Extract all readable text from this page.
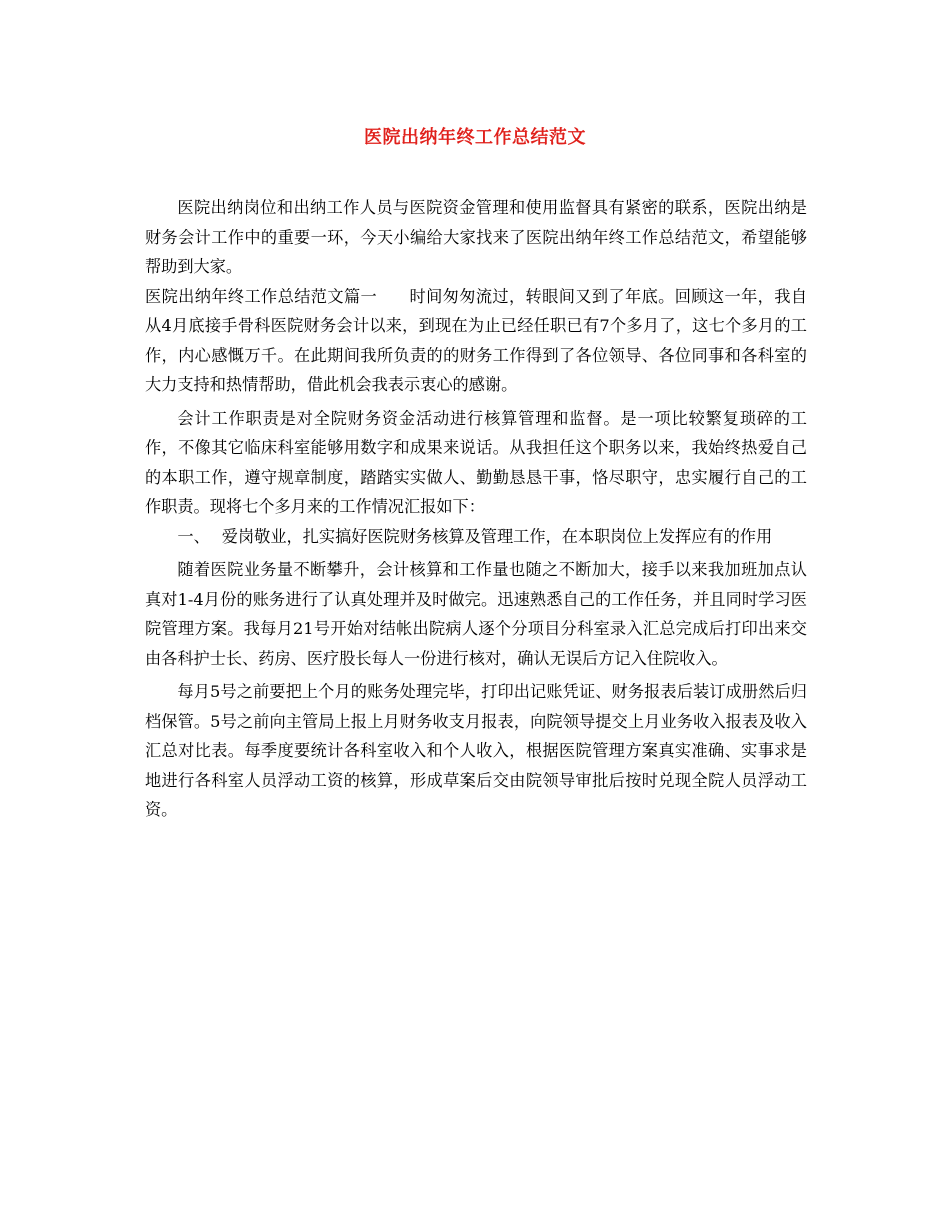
医院出纳年终工作总结范文

医院出纳岗位和出纳工作人员与医院资金管理和使用监督具有紧密的联系，医院出纳是财务会计工作中的重要一环，今天小编给大家找来了医院出纳年终工作总结范文，希望能够帮助到大家。

医院出纳年终工作总结范文篇一 时间匆匆流过，转眼间又到了年底。回顾这一年，我自从4月底接手骨科医院财务会计以来，到现在为止已经任职已有7个多月了，这七个多月的工作，内心感慨万千。在此期间我所负责的的财务工作得到了各位领导、各位同事和各科室的大力支持和热情帮助，借此机会我表示衷心的感谢。

会计工作职责是对全院财务资金活动进行核算管理和监督。是一项比较繁复琐碎的工作，不像其它临床科室能够用数字和成果来说话。从我担任这个职务以来，我始终热爱自己的本职工作，遵守规章制度，踏踏实实做人、勤勤恳恳干事，恪尽职守，忠实履行自己的工作职责。现将七个多月来的工作情况汇报如下：

一、 爱岗敬业，扎实搞好医院财务核算及管理工作，在本职岗位上发挥应有的作用

随着医院业务量不断攀升，会计核算和工作量也随之不断加大，接手以来我加班加点认真对1-4月份的账务进行了认真处理并及时做完。迅速熟悉自己的工作任务，并且同时学习医院管理方案。我每月21号开始对结帐出院病人逐个分项目分科室录入汇总完成后打印出来交由各科护士长、药房、医疗股长每人一份进行核对，确认无误后方记入住院收入。

每月5号之前要把上个月的账务处理完毕，打印出记账凭证、财务报表后装订成册然后归档保管。5号之前向主管局上报上月财务收支月报表，向院领导提交上月业务收入报表及收入汇总对比表。每季度要统计各科室收入和个人收入，根据医院管理方案真实准确、实事求是地进行各科室人员浮动工资的核算，形成草案后交由院领导审批后按时兑现全院人员浮动工资。
